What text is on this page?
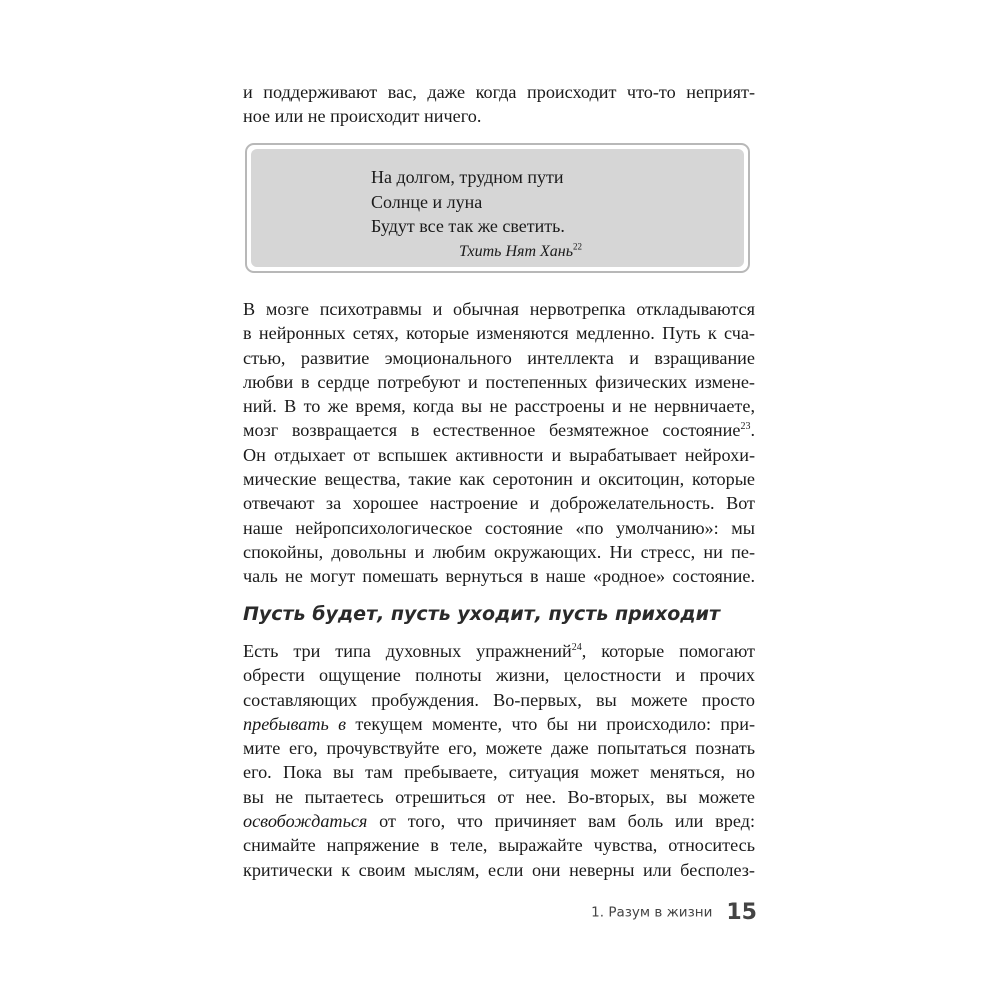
и поддерживают вас, даже когда происходит что-то неприят-
ное или не происходит ничего.
На долгом, трудном пути
Солнце и луна
Будут все так же светить.
Тхить Нят Хань$^{22}$
В мозге психотравмы и обычная нервотрепка откладываются
в нейронных сетях, которые изменяются медленно. Путь к сча-
стью, развитие эмоционального интеллекта и взращивание
любви в сердце потребуют и постепенных физических измене-
ний. В то же время, когда вы не расстроены и не нервничаете,
мозг возвращается в естественное безмятежное состояние$^{23}$.
Он отдыхает от вспышек активности и вырабатывает нейрохи-
мические вещества, такие как серотонин и окситоцин, которые
отвечают за хорошее настроение и доброжелательность. Вот
наше нейропсихологическое состояние «по умолчанию»: мы
спокойны, довольны и любим окружающих. Ни стресс, ни пе-
чаль не могут помешать вернуться в наше «родное» состояние.
Пусть будет, пусть уходит, пусть приходит
Есть три типа духовных упражнений$^{24}$, которые помогают
обрести ощущение полноты жизни, целостности и прочих
составляющих пробуждения. Во-первых, вы можете просто
пребывать в текущем моменте, что бы ни происходило: при-
мите его, прочувствуйте его, можете даже попытаться познать
его. Пока вы там пребываете, ситуация может меняться, но
вы не пытаетесь отрешиться от нее. Во-вторых, вы можете
освобождаться от того, что причиняет вам боль или вред:
снимайте напряжение в теле, выражайте чувства, относитесь
критически к своим мыслям, если они неверны или бесполез-
1. Разум в жизни 15
